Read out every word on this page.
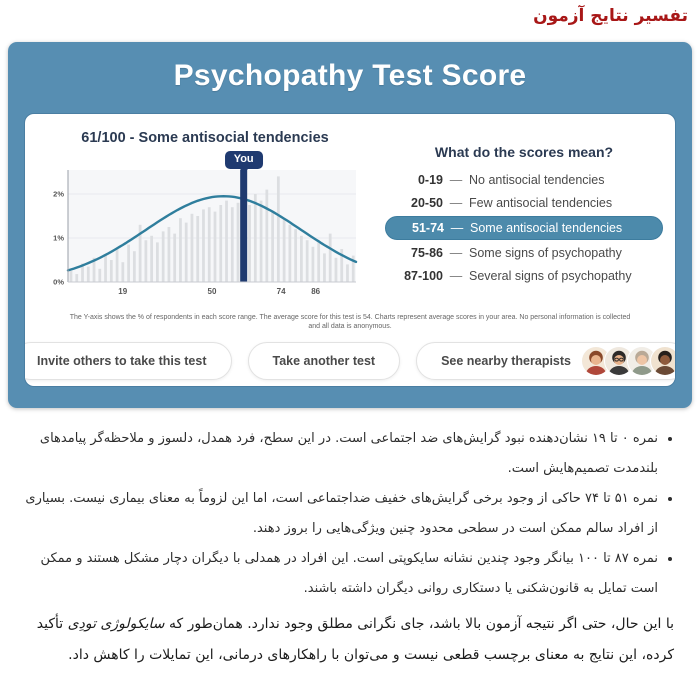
تفسیر نتایج آزمون
Psychopathy Test Score
61/100 - Some antisocial tendencies
You
0%
1%
2%
19	50	74	86
What do the scores mean?
0-19 — No antisocial tendencies
20-50 — Few antisocial tendencies
51-74 — Some antisocial tendencies
75-86 — Some signs of psychopathy
87-100 — Several signs of psychopathy
The Y-axis shows the % of respondents in each score range. The average score for this test is 54. Charts represent average scores in your area. No personal information is collected and all data is anonymous.
Invite others to take this test	Take another test	See nearby therapists
• نمره ۰ تا ۱۹ نشان‌دهنده نبود گرایش‌های ضد اجتماعی است. در این سطح، فرد همدل، دلسوز و ملاحظه‌گر پیامدهای بلندمدت تصمیم‌هایش است.
• نمره ۵۱ تا ۷۴ حاکی از وجود برخی گرایش‌های خفیف ضداجتماعی است، اما این لزوماً به معنای بیماری نیست. بسیاری از افراد سالم ممکن است در سطحی محدود چنین ویژگی‌هایی را بروز دهند.
• نمره ۸۷ تا ۱۰۰ بیانگر وجود چندین نشانه سایکوپتی است. این افراد در همدلی با دیگران دچار مشکل هستند و ممکن است تمایل به قانون‌شکنی یا دستکاری روانی دیگران داشته باشند.

با این حال، حتی اگر نتیجه آزمون بالا باشد، جای نگرانی مطلق وجود ندارد. همان‌طور که سایکولوژی تودِی تأکید کرده، این نتایج به معنای برچسب قطعی نیست و می‌توان با راهکارهای درمانی، این تمایلات را کاهش داد.
